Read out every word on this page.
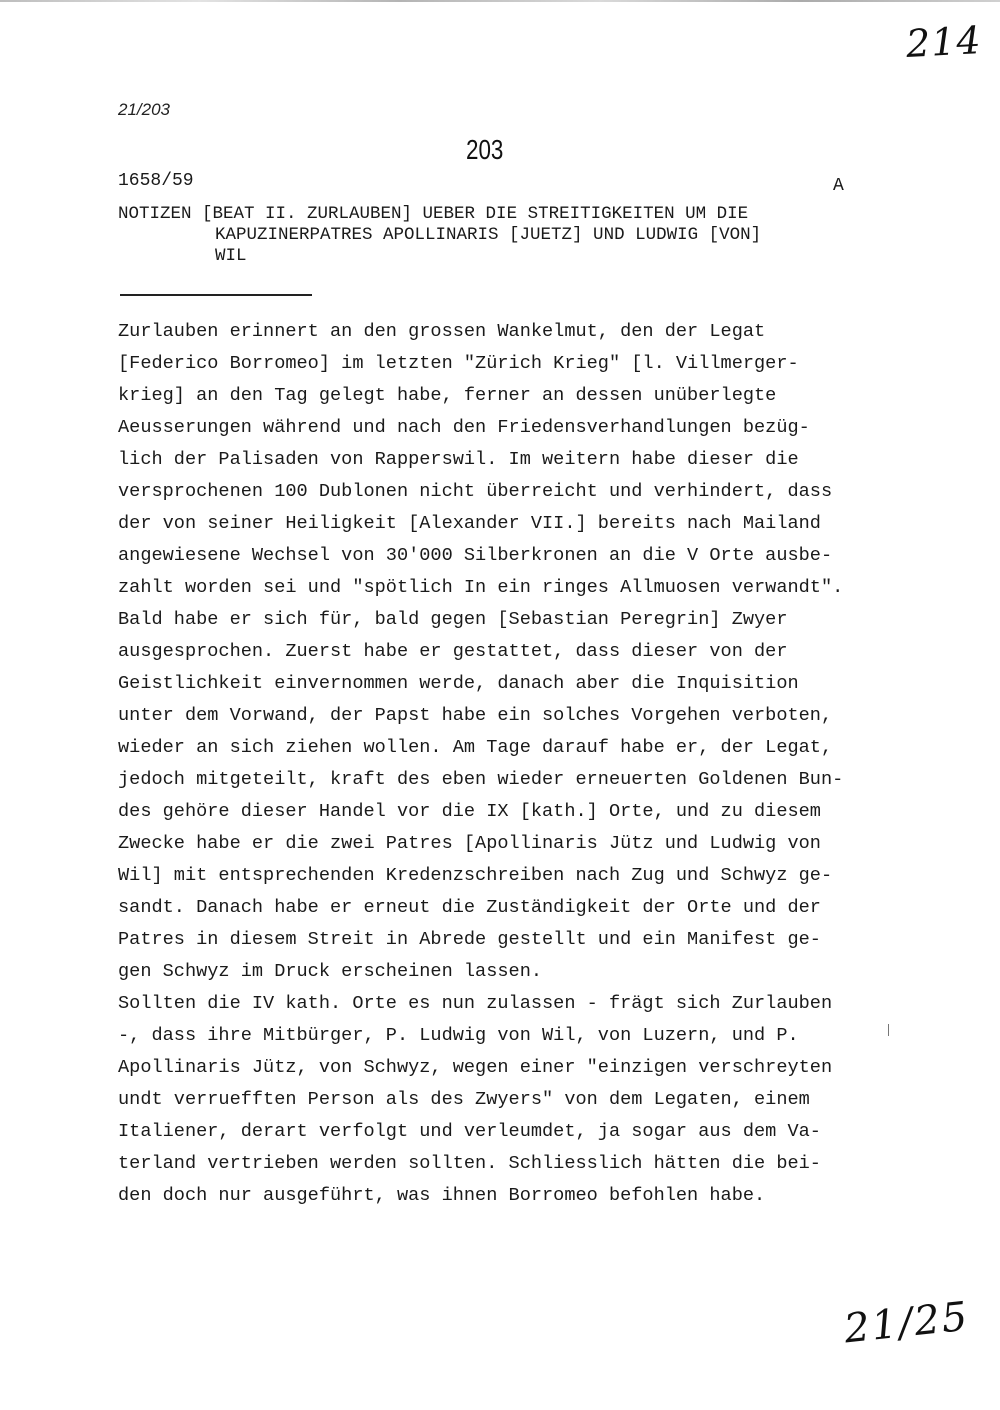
214
21/203
203
1658/59	A
NOTIZEN [BEAT II. ZURLAUBEN] UEBER DIE STREITIGKEITEN UM DIE
KAPUZINERPATRES APOLLINARIS [JUETZ] UND LUDWIG [VON]
WIL
Zurlauben erinnert an den grossen Wankelmut, den der Legat
[Federico Borromeo] im letzten "Zürich Krieg" [l. Villmerger-
krieg] an den Tag gelegt habe, ferner an dessen unüberlegte
Aeusserungen während und nach den Friedensverhandlungen bezüg-
lich der Palisaden von Rapperswil. Im weitern habe dieser die
versprochenen 100 Dublonen nicht überreicht und verhindert, dass
der von seiner Heiligkeit [Alexander VII.] bereits nach Mailand
angewiesene Wechsel von 30'000 Silberkronen an die V Orte ausbe-
zahlt worden sei und "spötlich In ein ringes Allmuosen verwandt".
Bald habe er sich für, bald gegen [Sebastian Peregrin] Zwyer
ausgesprochen. Zuerst habe er gestattet, dass dieser von der
Geistlichkeit einvernommen werde, danach aber die Inquisition
unter dem Vorwand, der Papst habe ein solches Vorgehen verboten,
wieder an sich ziehen wollen. Am Tage darauf habe er, der Legat,
jedoch mitgeteilt, kraft des eben wieder erneuerten Goldenen Bun-
des gehöre dieser Handel vor die IX [kath.] Orte, und zu diesem
Zwecke habe er die zwei Patres [Apollinaris Jütz und Ludwig von
Wil] mit entsprechenden Kredenzschreiben nach Zug und Schwyz ge-
sandt. Danach habe er erneut die Zuständigkeit der Orte und der
Patres in diesem Streit in Abrede gestellt und ein Manifest ge-
gen Schwyz im Druck erscheinen lassen.
Sollten die IV kath. Orte es nun zulassen - frägt sich Zurlauben
-, dass ihre Mitbürger, P. Ludwig von Wil, von Luzern, und P.
Apollinaris Jütz, von Schwyz, wegen einer "einzigen verschreyten
undt verruefften Person als des Zwyers" von dem Legaten, einem
Italiener, derart verfolgt und verleumdet, ja sogar aus dem Va-
terland vertrieben werden sollten. Schliesslich hätten die bei-
den doch nur ausgeführt, was ihnen Borromeo befohlen habe.
21/25
